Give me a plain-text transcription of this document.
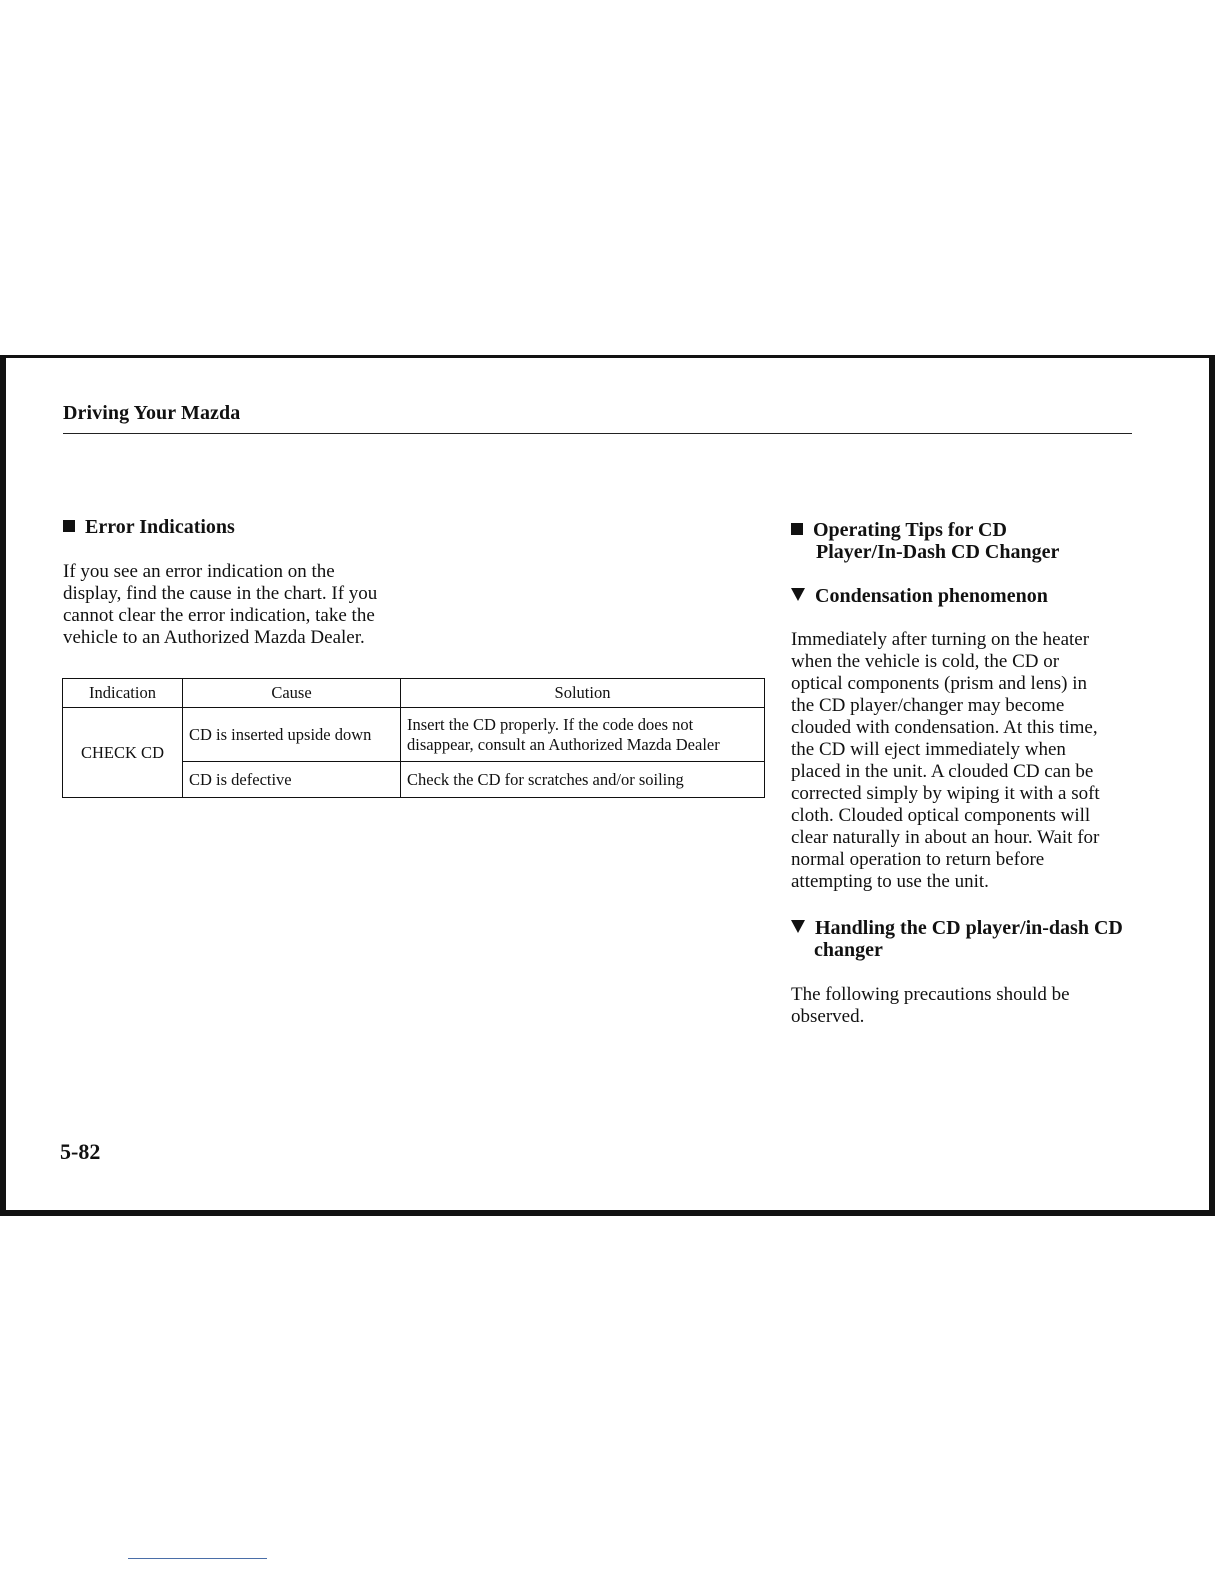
Driving Your Mazda
Error Indications
If you see an error indication on the
display, find the cause in the chart. If you
cannot clear the error indication, take the
vehicle to an Authorized Mazda Dealer.
Indication	Cause	Solution
CHECK CD	CD is inserted upside down	Insert the CD properly. If the code does not
disappear, consult an Authorized Mazda Dealer

	CD is defective	Check the CD for scratches and/or soiling
Operating Tips for CD
Player/In-Dash CD Changer
Condensation phenomenon
Immediately after turning on the heater
when the vehicle is cold, the CD or
optical components (prism and lens) in
the CD player/changer may become
clouded with condensation. At this time,
the CD will eject immediately when
placed in the unit. A clouded CD can be
corrected simply by wiping it with a soft
cloth. Clouded optical components will
clear naturally in about an hour. Wait for
normal operation to return before
attempting to use the unit.
Handling the CD player/in-dash CD
changer
The following precautions should be
observed.
5-82
